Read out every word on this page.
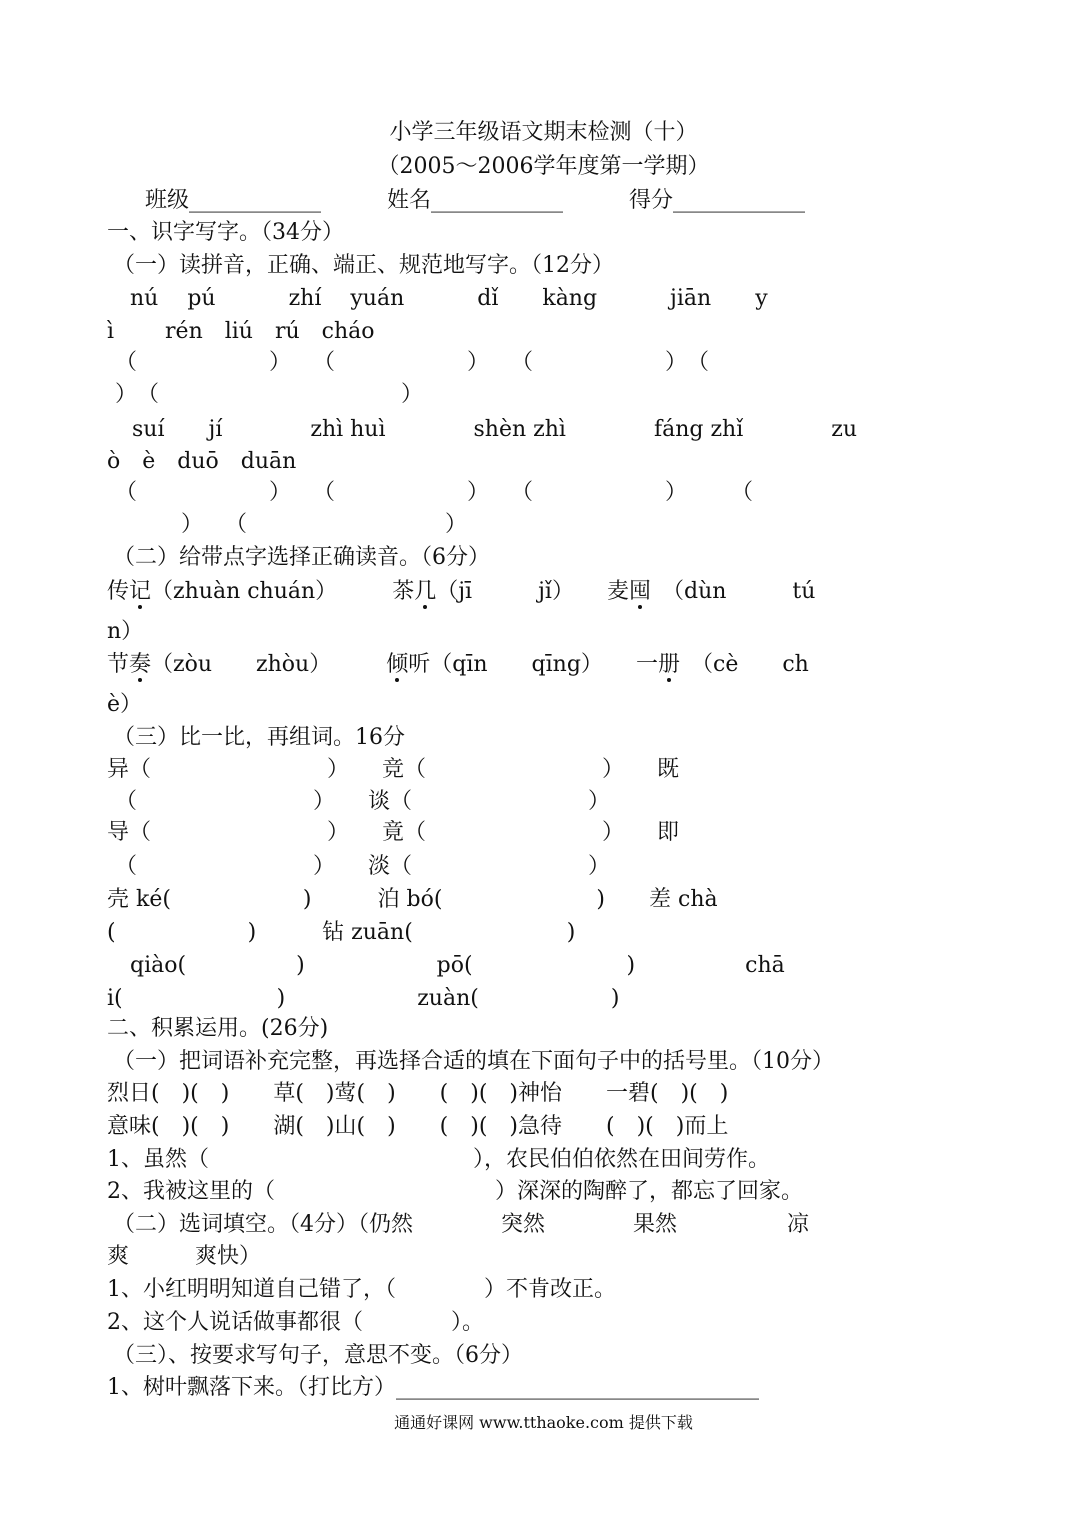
小学三年级语文期末检测（十）
（2005～2006学年度第一学期）
班级____________　　　姓名____________　　　得分____________
一、识字写字。（34分）
（一）读拼音，正确、端正、规范地写字。（12分）
nú　 pú　　　 zhí　 yuán　　　 dǐ　　kàng　　　 jiān　　y
ì　　 rén　liú　rú　cháo
（　　　　　　）　　（　　　　　　）　　（　　　　　　）　（
）　（　　　　　　　　　　　）
suí　　jí　　　　zhì huì　　　　shèn zhì　　　　fáng zhǐ　　　　zu
ò　è　duō　duān
（　　　　　　）　　（　　　　　　）　　（　　　　　　）　　　（
　　　）　　（　　　　　　　　　）
（二）给带点字选择正确读音。（6分）
传记（zhuàn chuán）　　　	茶几（jī　　　jǐ）　　 麦囤　 （dùn　　　tú
n）
节奏（zòu　　zhòu）　　　	倾听（qīn　　qīng）　　 一册　 （cè　　ch
è）
（三）比一比，再组词。16分
异（　　　　　　　　）　　竞（　　　　　　　　）　　既
（　　　　　　　　）　　谈（　　　　　　　　）
导（　　　　　　　　）　　竟（　　　　　　　　）　　即
（　　　　　　　　）　　淡（　　　　　　　　）
壳 ké(　　　　　　)　　　泊 bó(　　　　　　　)　　差 chà
(　　　　　　)　　　钻 zuān(　　　　　　　)
qiào(　　　　　)　　　　　　pō(　　　　　　　)　　　　　chā
i(　　　　　　　)　　　　　　zuàn(　　　　　　)
二、积累运用。(26分)
（一）把词语补充完整，再选择合适的填在下面句子中的括号里。（10分）
烈日(　)(　)　　草(　)莺(　)　　(　)(　)神怡　　一碧(　)(　)
意味(　)(　)　　湖(　)山(　)　　(　)(　)急待　　(　)(　)而上
1、虽然（　　　　　　　　　　　　），农民伯伯依然在田间劳作。
2、我被这里的（　　　　　　　　　　）深深的陶醉了，都忘了回家。
（二）选词填空。（4分）（仍然　　　　突然　　　　果然　　　　　凉
爽　　　爽快）
1、小红明明知道自己错了，（　　　　）不肯改正。
2、这个人说话做事都很（　　　　）。
（三）、按要求写句子，意思不变。（6分）
1、树叶飘落下来。（打比方）_________________________________
通通好课网 www.tthaoke.com 提供下载
